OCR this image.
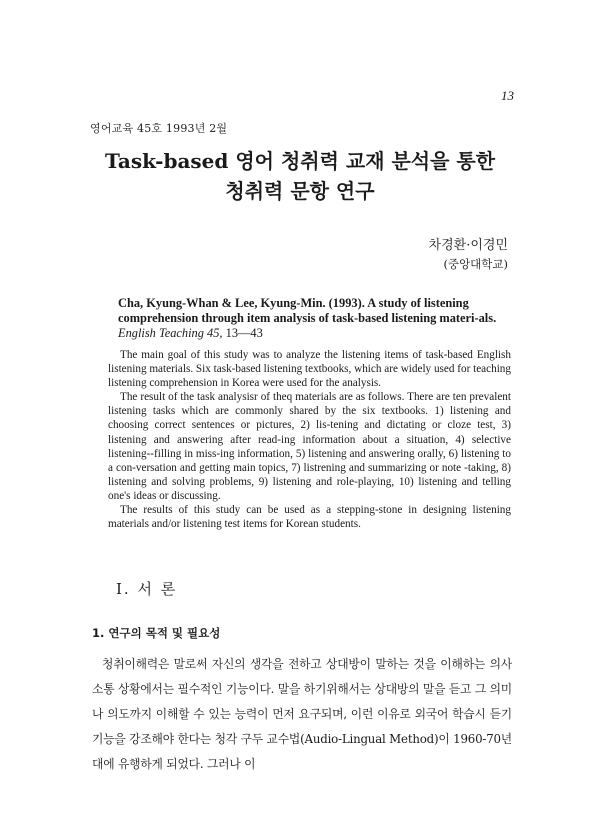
13
영어교육 45호 1993년 2월
Task-based 영어 청취력 교재 분석을 통한
청취력 문항 연구
차경환·이경민
(중앙대학교)
Cha, Kyung-Whan & Lee, Kyung-Min. (1993). A study of listening comprehension through item analysis of task-based listening materi-als. English Teaching 45, 13—43

The main goal of this study was to analyze the listening items of task-based English listening materials. Six task-based listening textbooks, which are widely used for teaching listening comprehension in Korea were used for the analysis.

The result of the task analysisr of theq materials are as follows. There are ten prevalent listening tasks which are commonly shared by the six textbooks. 1) listening and choosing correct sentences or pictures, 2) lis-tening and dictating or cloze test, 3) listening and answering after read-ing information about a situation, 4) selective listening--filling in miss-ing information, 5) listening and answering orally, 6) listening to a con-versation and getting main topics, 7) listrening and summarizing or note -taking, 8) listening and solving problems, 9) listening and role-playing, 10) listening and telling one's ideas or discussing.

The results of this study can be used as a stepping-stone in designing listening materials and/or listening test items for Korean students.

I. 서 론
1. 연구의 목적 및 필요성

청취이해력은 말로써 자신의 생각을 전하고 상대방이 말하는 것을 이해하는 의사소통 상황에서는 필수적인 기능이다. 말을 하기위해서는 상대방의 말을 듣고 그 의미나 의도까지 이해할 수 있는 능력이 먼저 요구되며, 이런 이유로 외국어 학습시 듣기기능을 강조해야 한다는 청각 구두 교수법(Audio-Lingual Method)이 1960-70년대에 유행하게 되었다. 그러나 이
